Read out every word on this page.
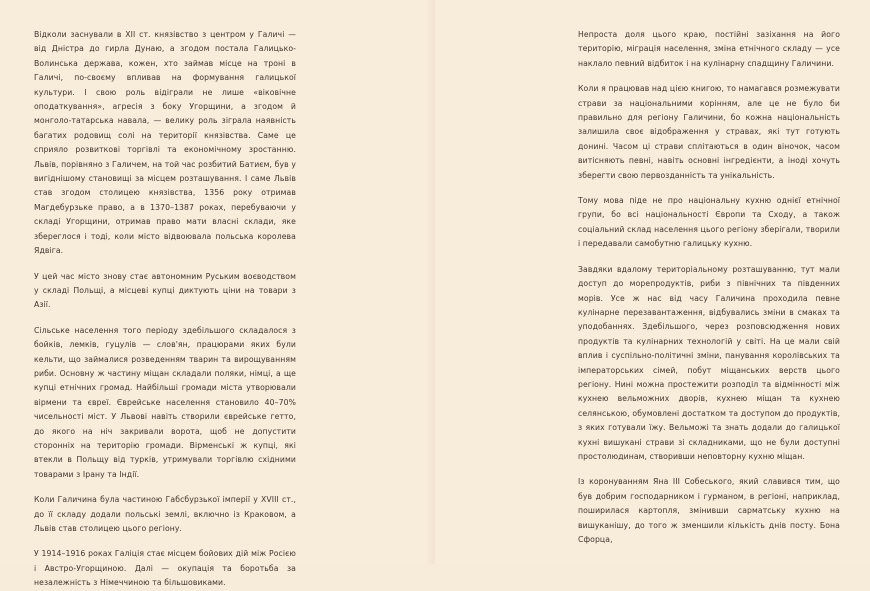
Відколи заснували в XII ст. князівство з центром у Галичі — від Дністра до гирла Дунаю, а згодом постала Галицько-Волинська держава, кожен, хто займав місце на троні в Галичі, по-своєму впливав на формування галицької культури. І свою роль відіграли не лише «віковічне оподаткування», агресія з боку Угорщини, а згодом й монголо-татарська навала, — велику роль зіграла наявність багатих родовищ солі на території князівства. Саме це сприяло розвиткові торгівлі та економічному зростанню. Львів, порівняно з Галичем, на той час розбитий Батиєм, був у вигіднішому становищі за місцем розташування. І саме Львів став згодом столицею князівства, 1356 року отримав Магдебурзьке право, а в 1370–1387 роках, перебуваючи у складі Угорщини, отримав право мати власні склади, яке збереглося і тоді, коли місто відвоювала польська королева Ядвіга.

У цей час місто знову стає автономним Руським воєводством у складі Польщі, а місцеві купці диктують ціни на товари з Азії.

Сільське населення того періоду здебільшого складалося з бойків, лемків, гуцулів — слов'ян, працюрами яких були кельти, що займалися розведенням тварин та вирощуванням риби. Основну ж частину міщан складали поляки, німці, а ще купці етнічних громад. Найбільші громади міста утворювали вірмени та євреї. Єврейське населення становило 40–70% чисельності міст. У Львові навіть створили єврейське гетто, до якого на ніч закривали ворота, щоб не допустити сторонніх на територію громади. Вірменські ж купці, які втекли в Польщу від турків, утримували торгівлю східними товарами з Ірану та Індії.

Коли Галичина була частиною Габсбурзької імперії у XVIII ст., до її складу додали польські землі, включно із Краковом, а Львів став столицею цього регіону.

У 1914–1916 роках Галіція стає місцем бойових дій між Росією і Австро-Угорщиною. Далі — окупація та боротьба за незалежність з Німеччиною та більшовиками.

Непроста доля цього краю, постійні зазіхання на його територію, міграція населення, зміна етнічного складу — усе наклало певний відбиток і на кулінарну спадщину Галичини.

Коли я працював над цією книгою, то намагався розмежувати страви за національними корінням, але це не було би правильно для регіону Галичини, бо кожна національність залишила своє відображення у стравах, які тут готують донині. Часом ці страви сплітаються в один віночок, часом витісняють певні, навіть основні інгредієнти, а іноді хочуть зберегти свою первозданність та унікальність.

Тому мова піде не про національну кухню однієї етнічної групи, бо всі національності Європи та Сходу, а також соціальний склад населення цього регіону зберігали, творили і передавали самобутню галицьку кухню.

Завдяки вдалому територіальному розташуванню, тут мали доступ до морепродуктів, риби з північних та південних морів. Усе ж нас від часу Галичина проходила певне кулінарне перезавантаження, відбувались зміни в смаках та уподобаннях. Здебільшого, через розповсюдження нових продуктів та кулінарних технологій у світі. На це мали свій вплив і суспільно-політичні зміни, панування королівських та імператорських сімей, побут міщанських верств цього регіону. Нині можна простежити розподіл та відмінності між кухнею вельможних дворів, кухнею міщан та кухнею селянською, обумовлені достатком та доступом до продуктів, з яких готували їжу. Вельможі та знать додали до галицької кухні вишукані страви зі складниками, що не були доступні простолюдинам, створивши неповторну кухню міщан.

Із коронуванням Яна III Собеського, який славився тим, що був добрим господарником і гурманом, в регіоні, наприклад, поширилася картопля, змінивши сарматську кухню на вишуканішу, до того ж зменшили кількість днів посту. Бона Сфорца,
